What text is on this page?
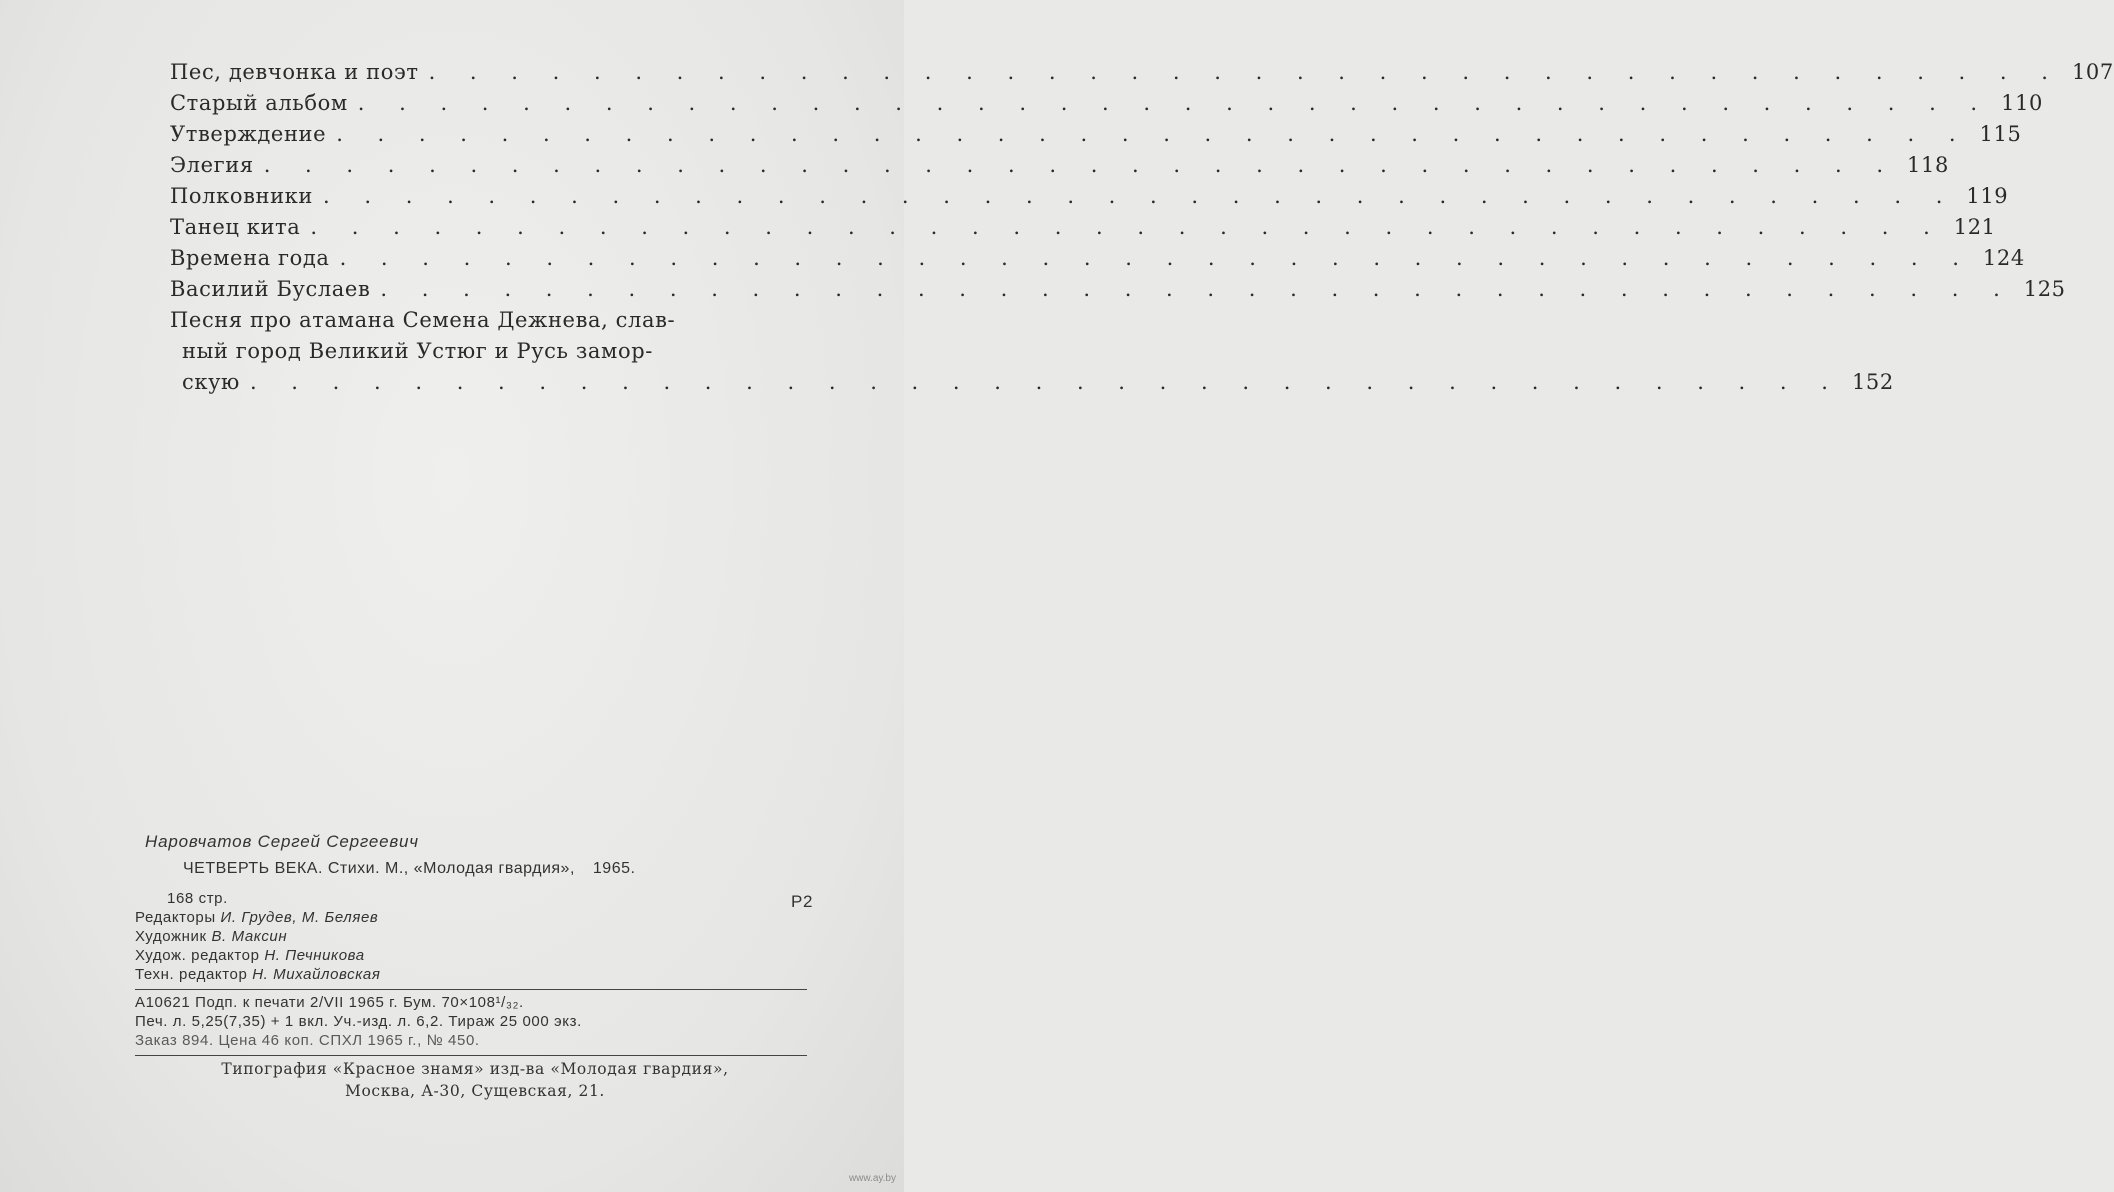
Пес, девчонка и поэт . . . . . . . . . . . . . . . . . . . . . . . . . . . . . . . . . . . . . . . . 107
Старый альбом . . . . . . . . . . . . . . . . . . . . . . . . . . . . . . . . . . . . . . . . 110
Утверждение . . . . . . . . . . . . . . . . . . . . . . . . . . . . . . . . . . . . . . . . 115
Элегия . . . . . . . . . . . . . . . . . . . . . . . . . . . . . . . . . . . . . . . . 118
Полковники . . . . . . . . . . . . . . . . . . . . . . . . . . . . . . . . . . . . . . . . 119
Танец кита . . . . . . . . . . . . . . . . . . . . . . . . . . . . . . . . . . . . . . . . 121
Времена года . . . . . . . . . . . . . . . . . . . . . . . . . . . . . . . . . . . . . . . . 124
Василий Буслаев . . . . . . . . . . . . . . . . . . . . . . . . . . . . . . . . . . . . . . . . 125
Песня про атамана Семена Дежнева, слав-
ный город Великий Устюг и Русь замор-
скую . . . . . . . . . . . . . . . . . . . . . . . . . . . . . . . . . . . . . . . 152
Наровчатов Сергей Сергеевич
ЧЕТВЕРТЬ ВЕКА.
Стихи. М., «Молодая гвардия», 1965.
Р2
168 стр.
Редакторы И. Грудев, М. Беляев
Художник В. Максин
Худож. редактор Н. Печникова
Техн. редактор Н. Михайловская
А10621 Подп. к печати 2/VII 1965 г. Бум. 70×108¹/₃₂.
Печ. л. 5,25(7,35) + 1 вкл. Уч.-изд. л. 6,2. Тираж 25 000 экз.
Заказ 894. Цена 46 коп. СПХЛ 1965 г., № 450.
Типография «Красное знамя» изд-ва «Молодая гвардия»,
Москва, А-30, Сущевская, 21.
www.ay.by
